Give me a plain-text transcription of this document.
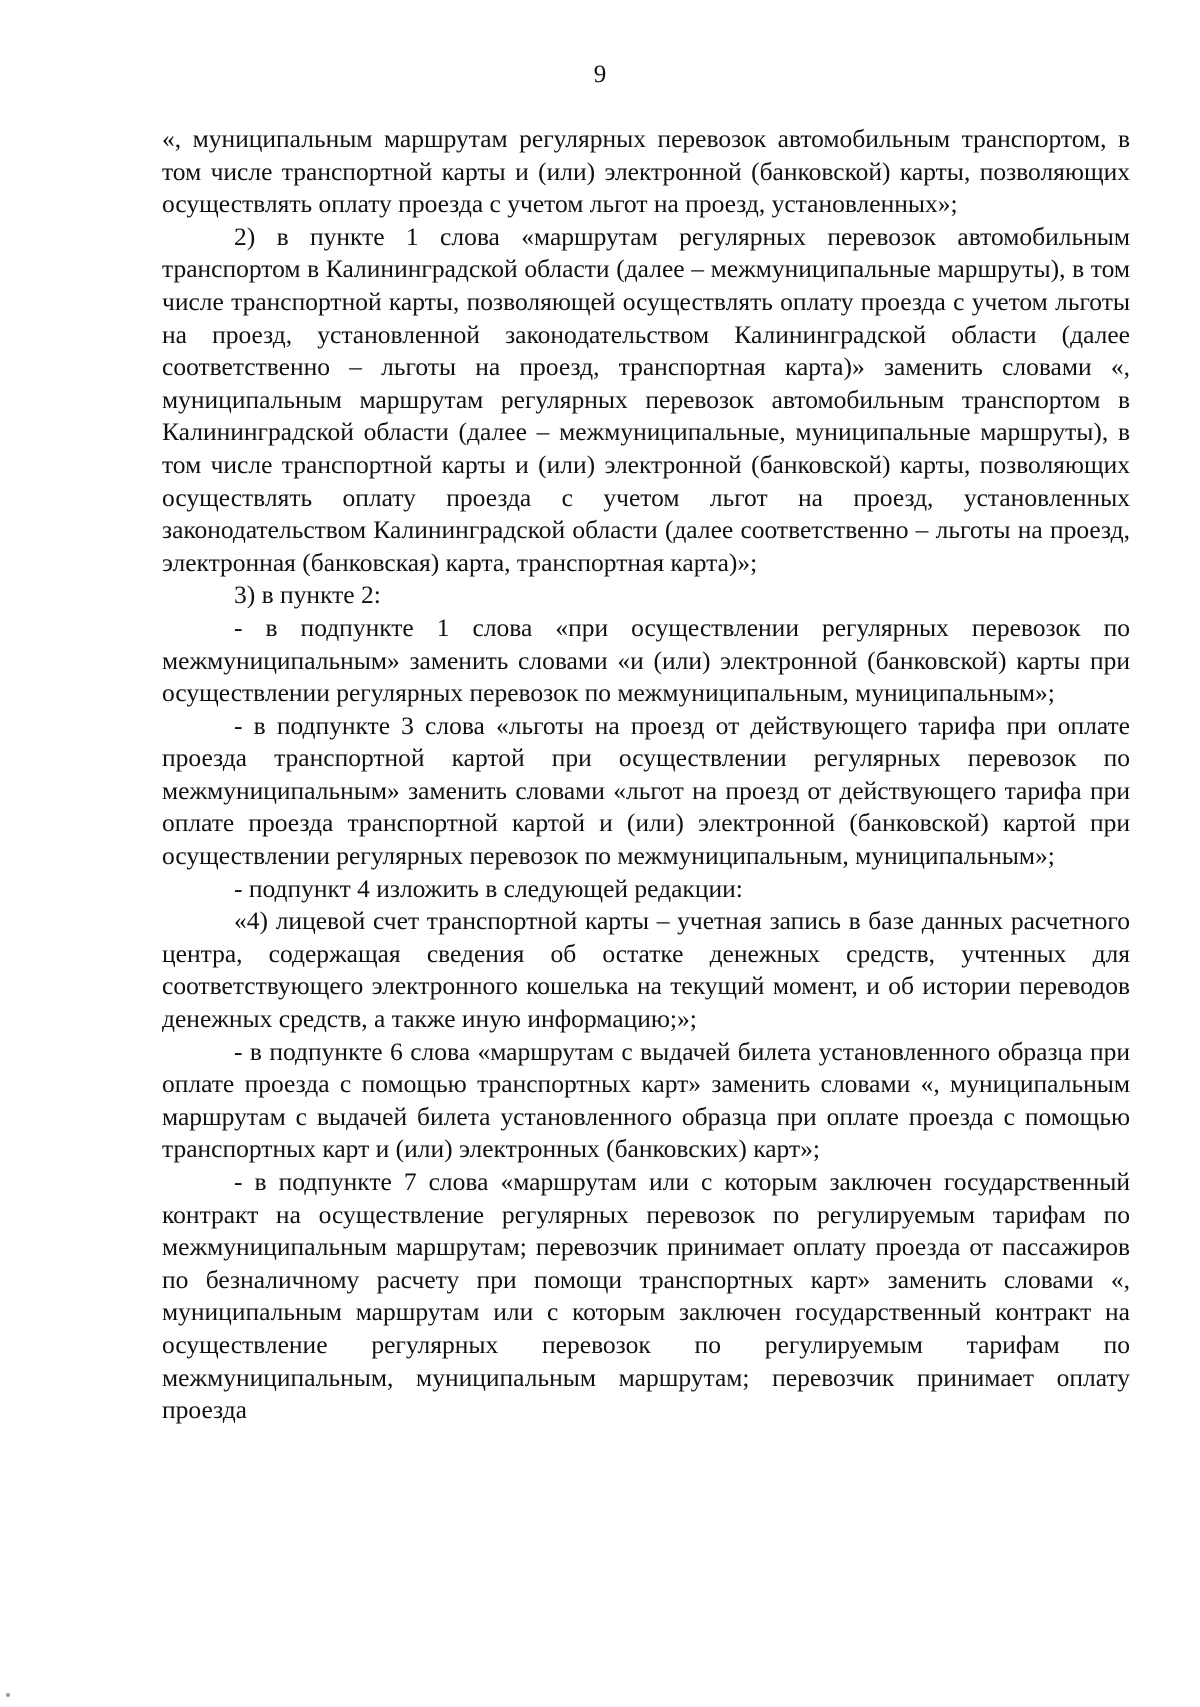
9

«, муниципальным маршрутам регулярных перевозок автомобильным транспортом, в том числе транспортной карты и (или) электронной (банковской) карты, позволяющих осуществлять оплату проезда с учетом льгот на проезд, установленных»;

2) в пункте 1 слова «маршрутам регулярных перевозок автомобильным транспортом в Калининградской области (далее – межмуниципальные маршруты), в том числе транспортной карты, позволяющей осуществлять оплату проезда с учетом льготы на проезд, установленной законодательством Калининградской области (далее соответственно – льготы на проезд, транспортная карта)» заменить словами «, муниципальным маршрутам регулярных перевозок автомобильным транспортом в Калининградской области (далее – межмуниципальные, муниципальные маршруты), в том числе транспортной карты и (или) электронной (банковской) карты, позволяющих осуществлять оплату проезда с учетом льгот на проезд, установленных законодательством Калининградской области (далее соответственно – льготы на проезд, электронная (банковская) карта, транспортная карта)»;

3) в пункте 2:

- в подпункте 1 слова «при осуществлении регулярных перевозок по межмуниципальным» заменить словами «и (или) электронной (банковской) карты при осуществлении регулярных перевозок по межмуниципальным, муниципальным»;

- в подпункте 3 слова «льготы на проезд от действующего тарифа при оплате проезда транспортной картой при осуществлении регулярных перевозок по межмуниципальным» заменить словами «льгот на проезд от действующего тарифа при оплате проезда транспортной картой и (или) электронной (банковской) картой при осуществлении регулярных перевозок по межмуниципальным, муниципальным»;

- подпункт 4 изложить в следующей редакции:

«4) лицевой счет транспортной карты – учетная запись в базе данных расчетного центра, содержащая сведения об остатке денежных средств, учтенных для соответствующего электронного кошелька на текущий момент, и об истории переводов денежных средств, а также иную информацию;»;

- в подпункте 6 слова «маршрутам с выдачей билета установленного образца при оплате проезда с помощью транспортных карт» заменить словами «, муниципальным маршрутам с выдачей билета установленного образца при оплате проезда с помощью транспортных карт и (или) электронных (банковских) карт»;

- в подпункте 7 слова «маршрутам или с которым заключен государственный контракт на осуществление регулярных перевозок по регулируемым тарифам по межмуниципальным маршрутам; перевозчик принимает оплату проезда от пассажиров по безналичному расчету при помощи транспортных карт» заменить словами «, муниципальным маршрутам или с которым заключен государственный контракт на осуществление регулярных перевозок по регулируемым тарифам по межмуниципальным, муниципальным маршрутам; перевозчик принимает оплату проезда
